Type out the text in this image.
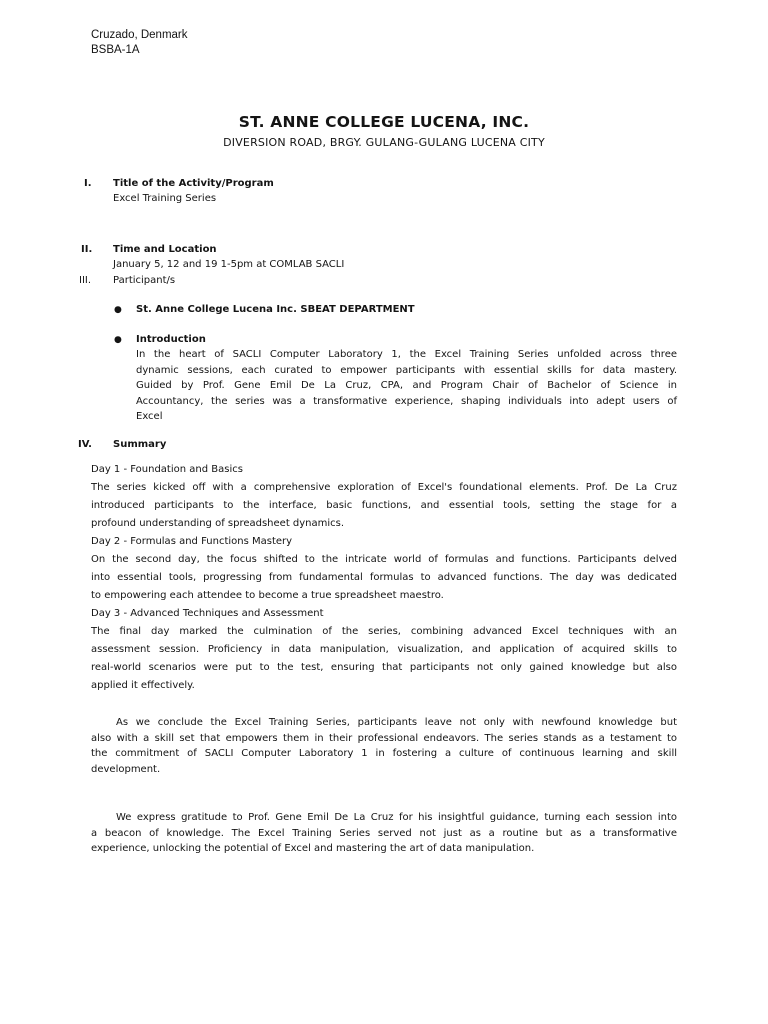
Cruzado, Denmark
BSBA-1A
ST. ANNE COLLEGE LUCENA, INC.
DIVERSION ROAD, BRGY. GULANG-GULANG LUCENA CITY
I. Title of the Activity/Program
Excel Training Series
II. Time and Location
January 5, 12 and 19 1-5pm at COMLAB SACLI
III. Participant/s
● St. Anne College Lucena Inc. SBEAT DEPARTMENT
● Introduction
In the heart of SACLI Computer Laboratory 1, the Excel Training Series unfolded across three
dynamic sessions, each curated to empower participants with essential skills for data mastery.
Guided by Prof. Gene Emil De La Cruz, CPA, and Program Chair of Bachelor of Science in
Accountancy, the series was a transformative experience, shaping individuals into adept users of
Excel
IV. Summary
Day 1 - Foundation and Basics
The series kicked off with a comprehensive exploration of Excel's foundational elements. Prof. De La Cruz
introduced participants to the interface, basic functions, and essential tools, setting the stage for a
profound understanding of spreadsheet dynamics.
Day 2 - Formulas and Functions Mastery
On the second day, the focus shifted to the intricate world of formulas and functions. Participants delved
into essential tools, progressing from fundamental formulas to advanced functions. The day was dedicated
to empowering each attendee to become a true spreadsheet maestro.
Day 3 - Advanced Techniques and Assessment
The final day marked the culmination of the series, combining advanced Excel techniques with an
assessment session. Proficiency in data manipulation, visualization, and application of acquired skills to
real-world scenarios were put to the test, ensuring that participants not only gained knowledge but also
applied it effectively.
As we conclude the Excel Training Series, participants leave not only with newfound knowledge but
also with a skill set that empowers them in their professional endeavors. The series stands as a testament to
the commitment of SACLI Computer Laboratory 1 in fostering a culture of continuous learning and skill
development.
We express gratitude to Prof. Gene Emil De La Cruz for his insightful guidance, turning each session into
a beacon of knowledge. The Excel Training Series served not just as a routine but as a transformative
experience, unlocking the potential of Excel and mastering the art of data manipulation.
